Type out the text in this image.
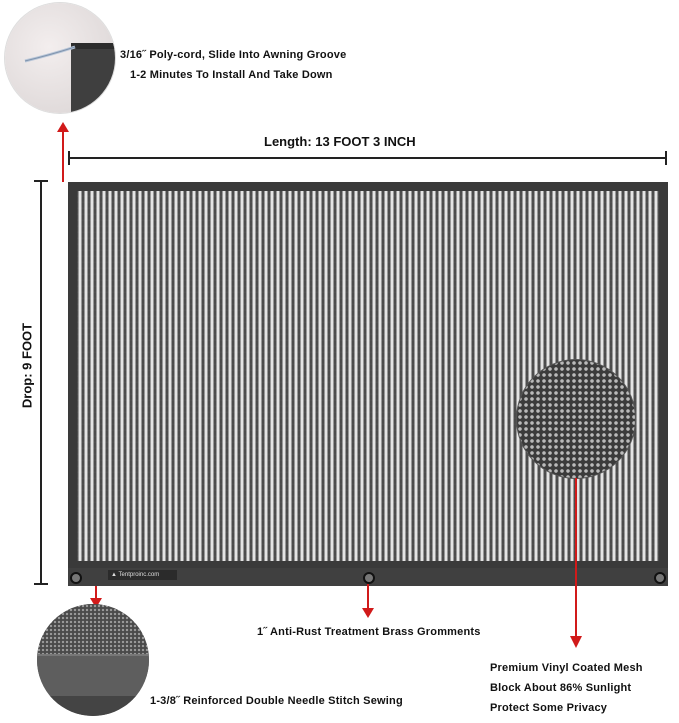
3/16˝ Poly-cord, Slide Into Awning Groove
1-2 Minutes To Install And Take Down
Length: 13 FOOT 3 INCH
Drop: 9 FOOT
▲ Tentproinc.com
1˝ Anti-Rust Treatment Brass Gromments
1-3/8˝ Reinforced Double Needle Stitch Sewing
Premium Vinyl Coated Mesh
Block About 86% Sunlight
Protect Some Privacy
